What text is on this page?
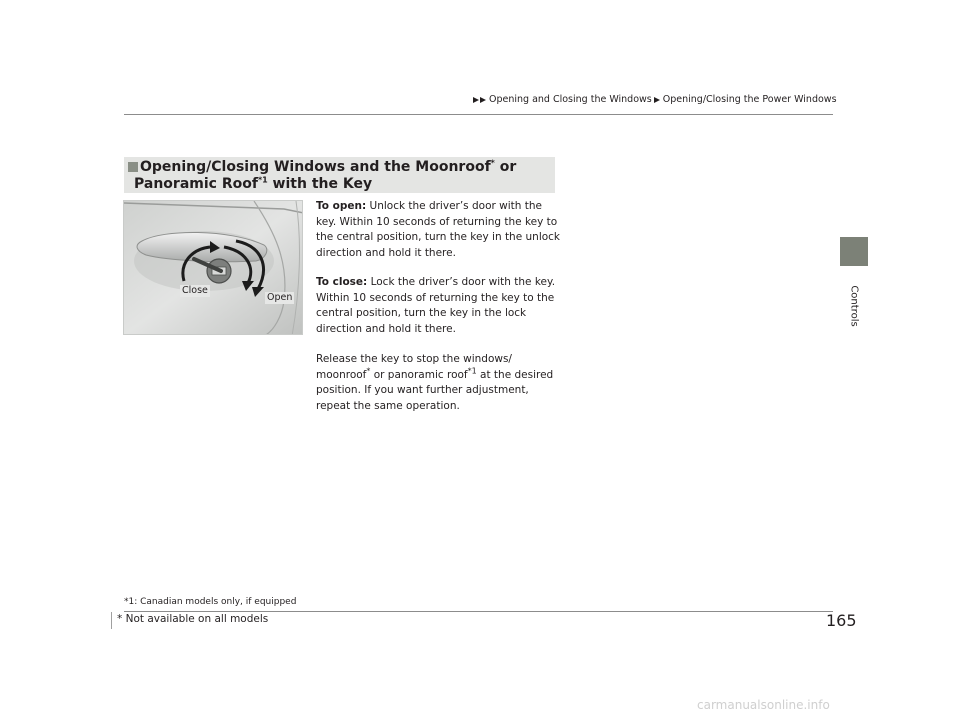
Opening and Closing the Windows Opening/Closing the Power Windows
Controls
Opening/Closing Windows and the Moonroof* or
Panoramic Roof$^{*1}$ with the Key
Close
Open
To open: Unlock the driver’s door with the key. Within 10 seconds of returning the key to the central position, turn the key in the unlock direction and hold it there.
To close: Lock the driver’s door with the key. Within 10 seconds of returning the key to the central position, turn the key in the lock direction and hold it there.
Release the key to stop the windows/ moonroof* or panoramic roof$^{*1}$ at the desired position. If you want further adjustment, repeat the same operation.
*1: Canadian models only, if equipped
* Not available on all models	165
carmanualsonline.info
